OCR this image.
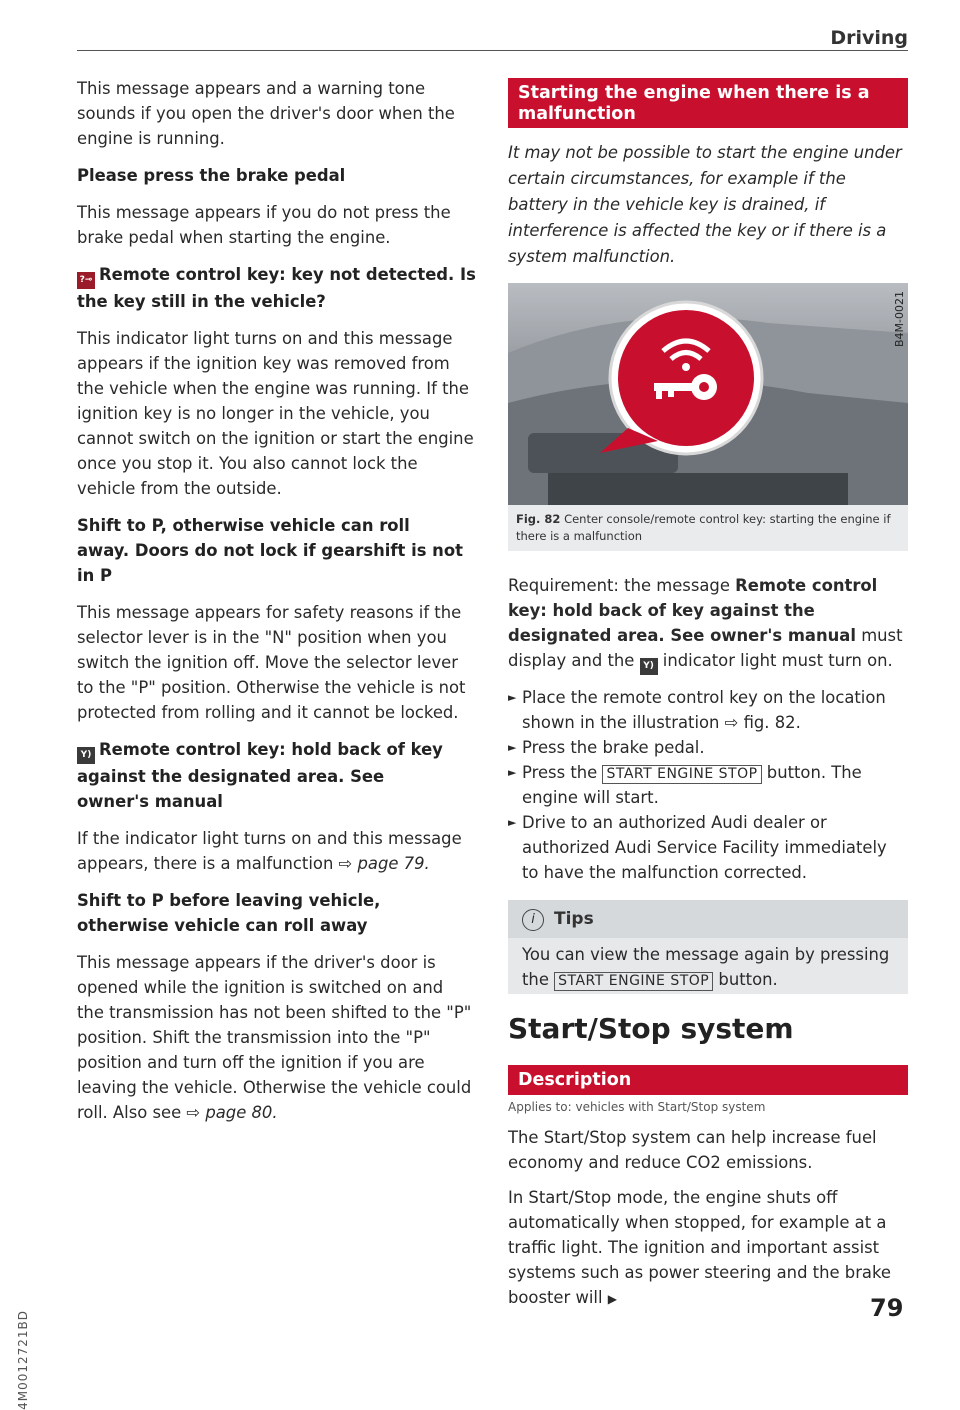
Driving

This message appears and a warning tone sounds if you open the driver's door when the engine is running.

Please press the brake pedal

This message appears if you do not press the brake pedal when starting the engine.

?⊸ Remote control key: key not detected. Is the key still in the vehicle?

This indicator light turns on and this message appears if the ignition key was removed from the vehicle when the engine was running. If the ignition key is no longer in the vehicle, you cannot switch on the ignition or start the engine once you stop it. You also cannot lock the vehicle from the outside.

Shift to P, otherwise vehicle can roll away. Doors do not lock if gearshift is not in P

This message appears for safety reasons if the selector lever is in the "N" position when you switch the ignition off. Move the selector lever to the "P" position. Otherwise the vehicle is not protected from rolling and it cannot be locked.

Y) Remote control key: hold back of key against the designated area. See owner's manual

If the indicator light turns on and this message appears, there is a malfunction ⇨ page 79.

Shift to P before leaving vehicle, otherwise vehicle can roll away

This message appears if the driver's door is opened while the ignition is switched on and the transmission has not been shifted to the "P" position. Shift the transmission into the "P" position and turn off the ignition if you are leaving the vehicle. Otherwise the vehicle could roll. Also see ⇨ page 80.

Starting the engine when there is a malfunction

It may not be possible to start the engine under certain circumstances, for example if the battery in the vehicle key is drained, if interference is affected the key or if there is a system malfunction.

B4M-0021
Fig. 82 Center console/remote control key: starting the engine if there is a malfunction

Requirement: the message Remote control key: hold back of key against the designated area. See owner's manual must display and the Y) indicator light must turn on.

► Place the remote control key on the location shown in the illustration ⇨ fig. 82.

► Press the brake pedal.

► Press the START ENGINE STOP button. The engine will start.

► Drive to an authorized Audi dealer or authorized Audi Service Facility immediately to have the malfunction corrected.

i	Tips

You can view the message again by pressing the START ENGINE STOP button.

Start/Stop system
Description
Applies to: vehicles with Start/Stop system

The Start/Stop system can help increase fuel economy and reduce CO2 emissions.

In Start/Stop mode, the engine shuts off automatically when stopped, for example at a traffic light. The ignition and important assist systems such as power steering and the brake booster will ▶	79
4M0012721BD
